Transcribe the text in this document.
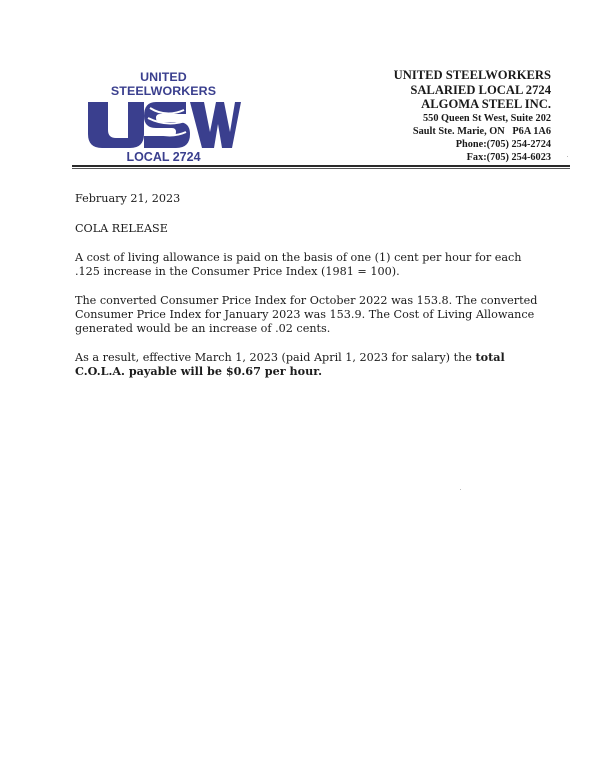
UNITED STEELWORKERS
LOCAL 2724
UNITED STEELWORKERS
SALARIED LOCAL 2724
ALGOMA STEEL INC.
550 Queen St West, Suite 202
Sault Ste. Marie, ON   P6A 1A6
Phone:(705) 254-2724
Fax:(705) 254-6023

February 21, 2023

COLA RELEASE

A cost of living allowance is paid on the basis of one (1) cent per hour for each .125 increase in the Consumer Price Index (1981 = 100).

The converted Consumer Price Index for October 2022 was 153.8. The converted Consumer Price Index for January 2023 was 153.9. The Cost of Living Allowance generated would be an increase of .02 cents.

As a result, effective March 1, 2023 (paid April 1, 2023 for salary) the total C.O.L.A. payable will be $0.67 per hour.
